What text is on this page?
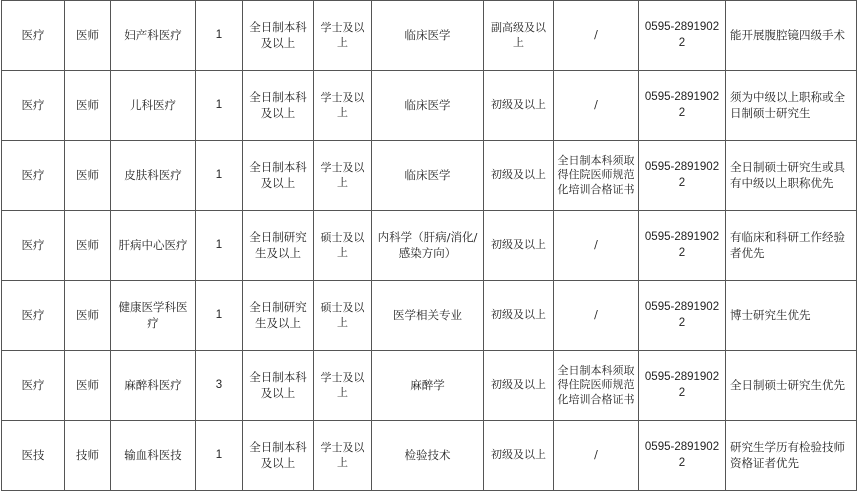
医疗	医师	妇产科医疗	1	全日制本科及以上	学士及以上	临床医学	副高级及以上	/	0595-28919022	能开展腹腔镜四级手术
医疗	医师	儿科医疗	1	全日制本科及以上	学士及以上	临床医学	初级及以上	/	0595-28919022	须为中级以上职称或全日制硕士研究生
医疗	医师	皮肤科医疗	1	全日制本科及以上	学士及以上	临床医学	初级及以上	全日制本科须取得住院医师规范化培训合格证书	0595-28919022	全日制硕士研究生或具有中级以上职称优先
医疗	医师	肝病中心医疗	1	全日制研究生及以上	硕士及以上	内科学（肝病/消化/感染方向）	初级及以上	/	0595-28919022	有临床和科研工作经验者优先
医疗	医师	健康医学科医疗	1	全日制研究生及以上	硕士及以上	医学相关专业	初级及以上	/	0595-28919022	博士研究生优先
医疗	医师	麻醉科医疗	3	全日制本科及以上	学士及以上	麻醉学	初级及以上	全日制本科须取得住院医师规范化培训合格证书	0595-28919022	全日制硕士研究生优先
医技	技师	输血科医技	1	全日制本科及以上	学士及以上	检验技术	初级及以上	/	0595-28919022	研究生学历有检验技师资格证者优先
